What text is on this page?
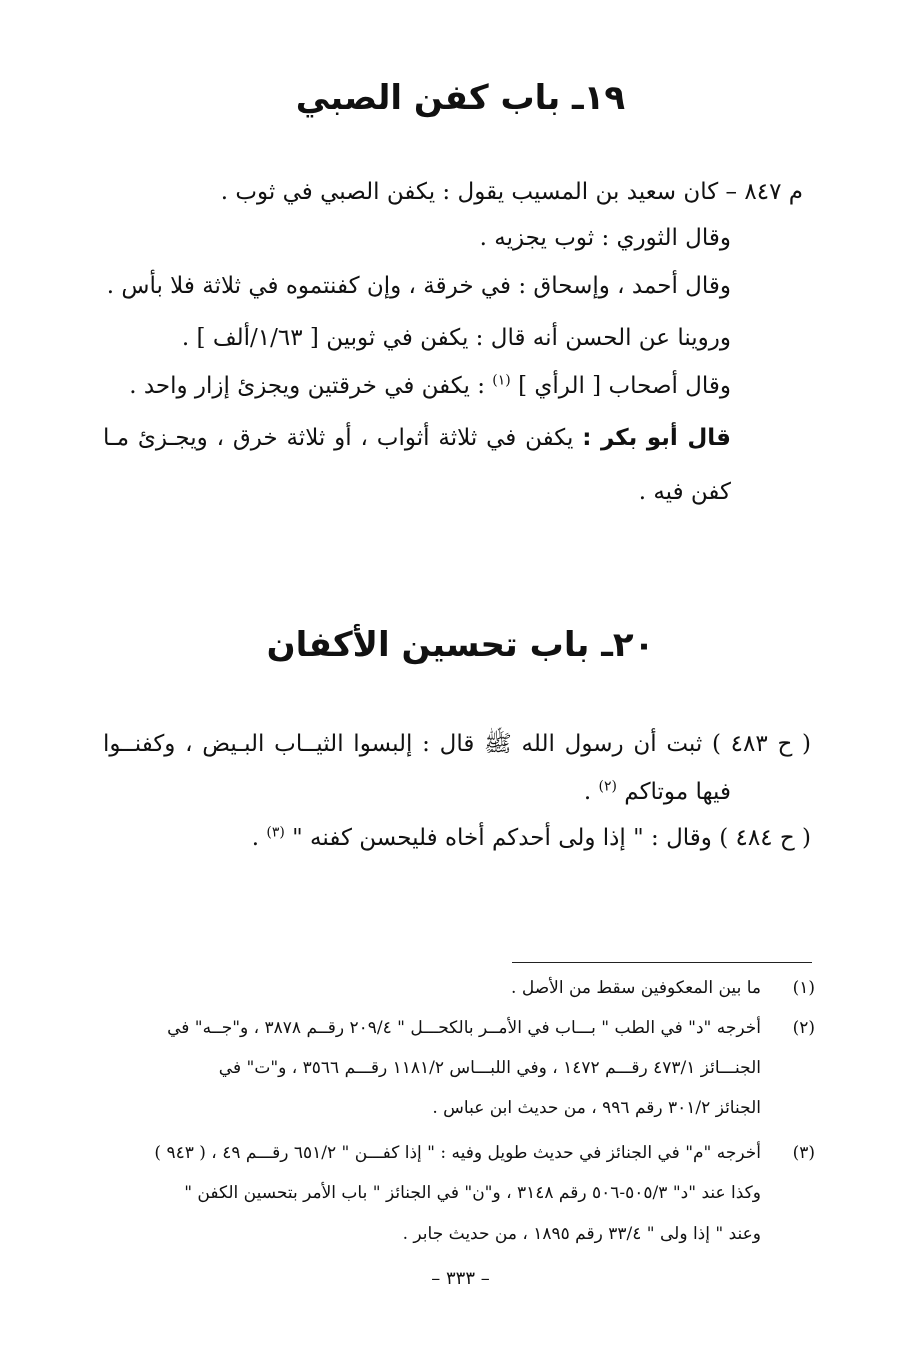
١٩ـ باب كفن الصبي
م ٨٤٧ – كان سعيد بن المسيب يقول : يكفن الصبي في ثوب .
وقال الثوري : ثوب يجزيه .
وقال أحمد ، وإسحاق : في خرقة ، وإن كفنتموه في ثلاثة فلا بأس .
وروينا عن الحسن أنه قال : يكفن في ثوبين [ ١/٦٣/ألف ] .
وقال أصحاب [ الرأي ] $^{(١)}$ : يكفن في خرقتين ويجزئ إزار واحد .
قال أبو بكر : يكفن في ثلاثة أثواب ، أو ثلاثة خرق ، ويجـزئ مـا
كفن فيه .
٢٠ـ باب تحسين الأكفان
( ح ٤٨٣ ) ثبت أن رسول الله ﷺ قال : إلبسوا الثيــاب البـيض ، وكفنــوا
فيها موتاكم $^{(٢)}$ .
( ح ٤٨٤ ) وقال : " إذا ولى أحدكم أخاه فليحسن كفنه " $^{(٣)}$ .
(١)
ما بين المعكوفين سقط من الأصل .
(٢)
أخرجه "د" في الطب " بـــاب في الأمــر بالكحـــل " ٢٠٩/٤ رقــم ٣٨٧٨ ، و"جــه" في
الجنـــائز ٤٧٣/١ رقـــم ١٤٧٢ ، وفي اللبـــاس ١١٨١/٢ رقـــم ٣٥٦٦ ، و"ت" في
الجنائز ٣٠١/٢ رقم ٩٩٦ ، من حديث ابن عباس .
(٣)
أخرجه "م" في الجنائز في حديث طويل وفيه : " إذا كفـــن " ٦٥١/٢ رقـــم ٤٩ ، ( ٩٤٣ )
وكذا عند "د" ٥٠٥/٣-٥٠٦ رقم ٣١٤٨ ، و"ن" في الجنائز " باب الأمر بتحسين الكفن "
وعند " إذا ولى " ٣٣/٤ رقم ١٨٩٥ ، من حديث جابر .
– ٣٣٣ –
